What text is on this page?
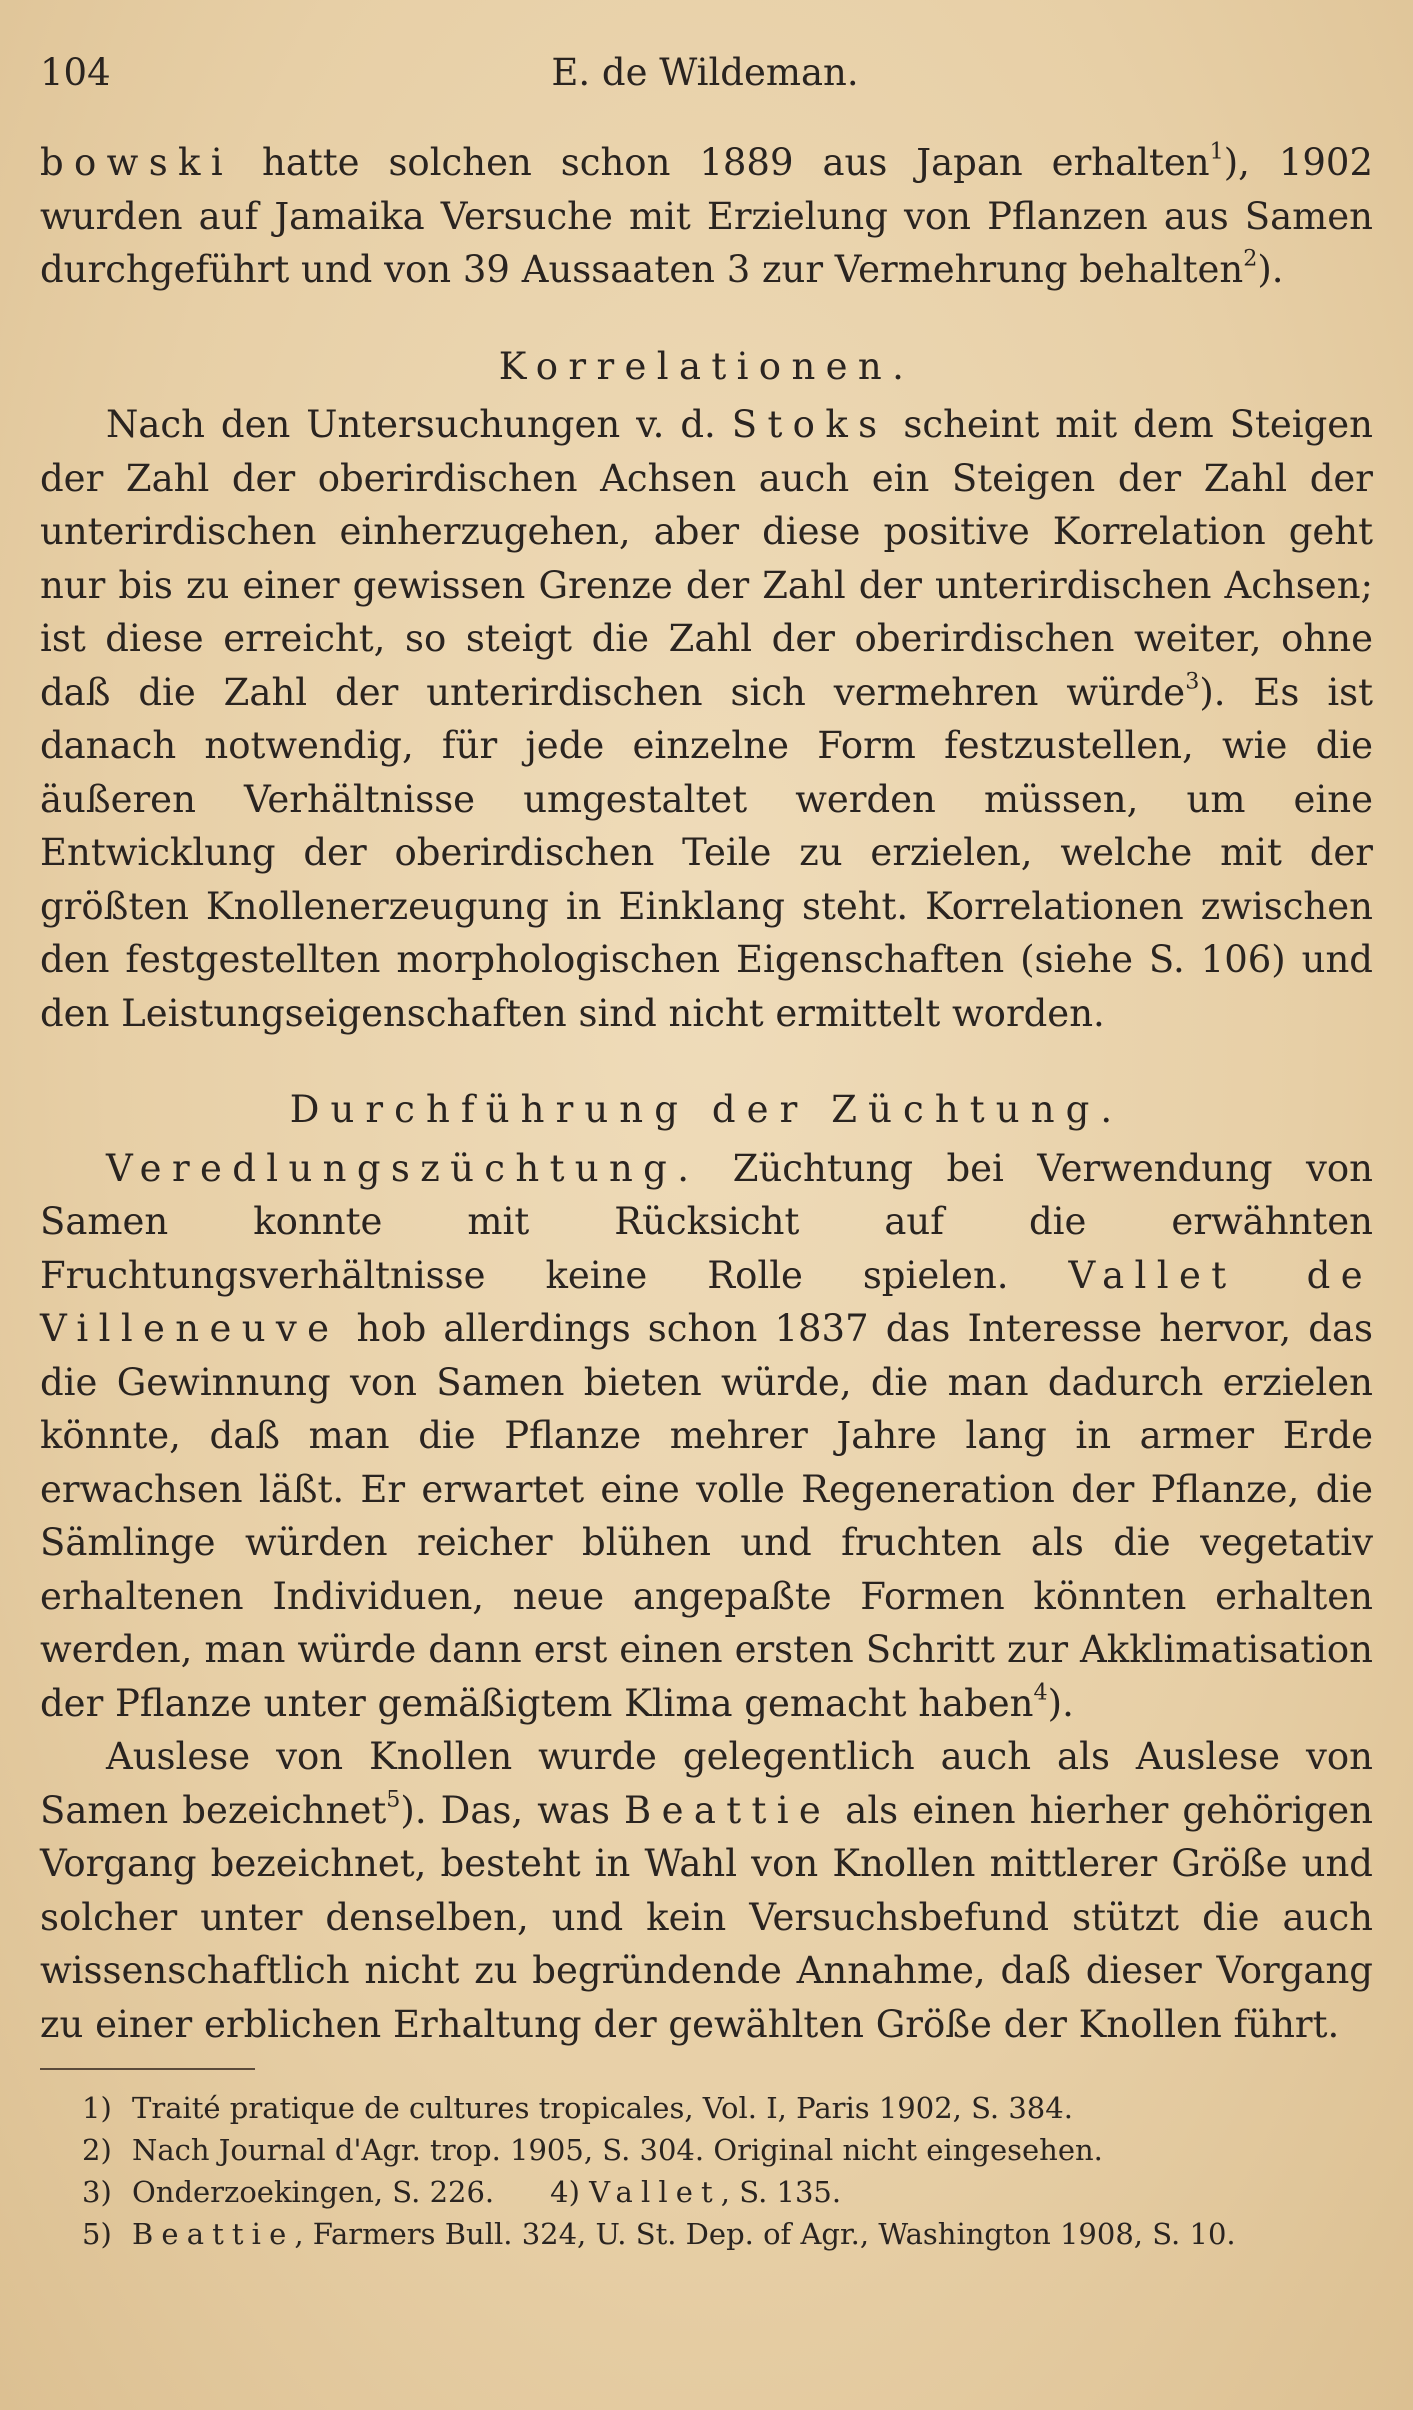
104	E. de Wildeman.

bowski hatte solchen schon 1889 aus Japan erhalten$^1$), 1902 wurden auf Jamaika Versuche mit Erzielung von Pflanzen aus Samen durchgeführt und von 39 Aussaaten 3 zur Vermehrung behalten$^2$).

Korrelationen.

Nach den Untersuchungen v. d. Stoks scheint mit dem Steigen der Zahl der oberirdischen Achsen auch ein Steigen der Zahl der unterirdischen einherzugehen, aber diese positive Korrelation geht nur bis zu einer gewissen Grenze der Zahl der unterirdischen Achsen; ist diese erreicht, so steigt die Zahl der oberirdischen weiter, ohne daß die Zahl der unterirdischen sich vermehren würde$^3$). Es ist danach notwendig, für jede einzelne Form festzustellen, wie die äußeren Verhältnisse umgestaltet werden müssen, um eine Entwicklung der oberirdischen Teile zu erzielen, welche mit der größten Knollenerzeugung in Einklang steht. Korrelationen zwischen den festgestellten morphologischen Eigenschaften (siehe S. 106) und den Leistungseigenschaften sind nicht ermittelt worden.

Durchführung der Züchtung.

Veredlungszüchtung. Züchtung bei Verwendung von Samen konnte mit Rücksicht auf die erwähnten Fruchtungsverhältnisse keine Rolle spielen. Vallet de Villeneuve hob allerdings schon 1837 das Interesse hervor, das die Gewinnung von Samen bieten würde, die man dadurch erzielen könnte, daß man die Pflanze mehrer Jahre lang in armer Erde erwachsen läßt. Er erwartet eine volle Regeneration der Pflanze, die Sämlinge würden reicher blühen und fruchten als die vegetativ erhaltenen Individuen, neue angepaßte Formen könnten erhalten werden, man würde dann erst einen ersten Schritt zur Akklimatisation der Pflanze unter gemäßigtem Klima gemacht haben$^4$).

Auslese von Knollen wurde gelegentlich auch als Auslese von Samen bezeichnet$^5$). Das, was Beattie als einen hierher gehörigen Vorgang bezeichnet, besteht in Wahl von Knollen mittlerer Größe und solcher unter denselben, und kein Versuchsbefund stützt die auch wissenschaftlich nicht zu begründende Annahme, daß dieser Vorgang zu einer erblichen Erhaltung der gewählten Größe der Knollen führt.

1) Traité pratique de cultures tropicales, Vol. I, Paris 1902, S. 384.
2) Nach Journal d'Agr. trop. 1905, S. 304. Original nicht eingesehen.
3) Onderzoekingen, S. 226. 4) Vallet, S. 135.
5) Beattie, Farmers Bull. 324, U. St. Dep. of Agr., Washington 1908, S. 10.
